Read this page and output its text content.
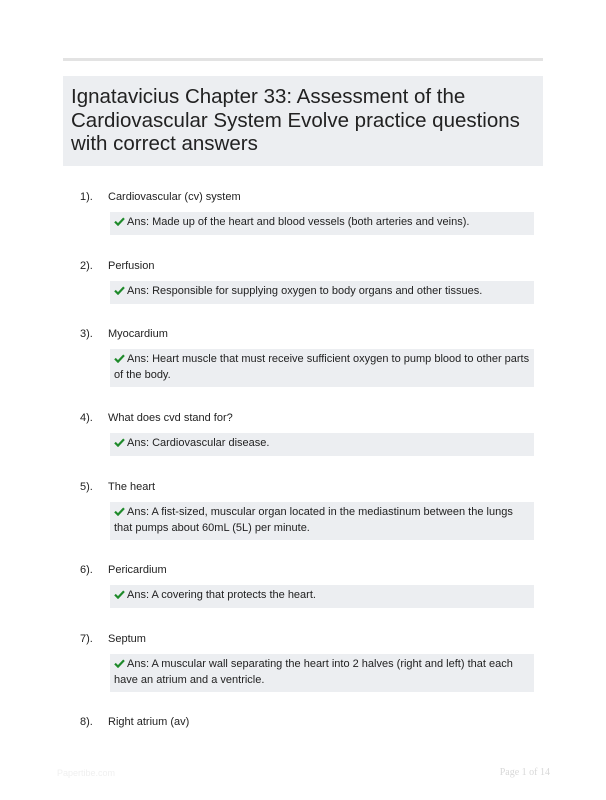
Ignatavicius Chapter 33: Assessment of the Cardiovascular System Evolve practice questions with correct answers
1).	Cardiovascular (cv) system
Ans: Made up of the heart and blood vessels (both arteries and veins).
2).	Perfusion
Ans: Responsible for supplying oxygen to body organs and other tissues.
3).	Myocardium
Ans: Heart muscle that must receive sufficient oxygen to pump blood to other parts of the body.
4).	What does cvd stand for?
Ans: Cardiovascular disease.
5).	The heart
Ans: A fist-sized, muscular organ located in the mediastinum between the lungs that pumps about 60mL (5L) per minute.
6).	Pericardium
Ans: A covering that protects the heart.
7).	Septum
Ans: A muscular wall separating the heart into 2 halves (right and left) that each have an atrium and a ventricle.
8).	Right atrium (av)
Papertibe.com	Page 1 of 14
